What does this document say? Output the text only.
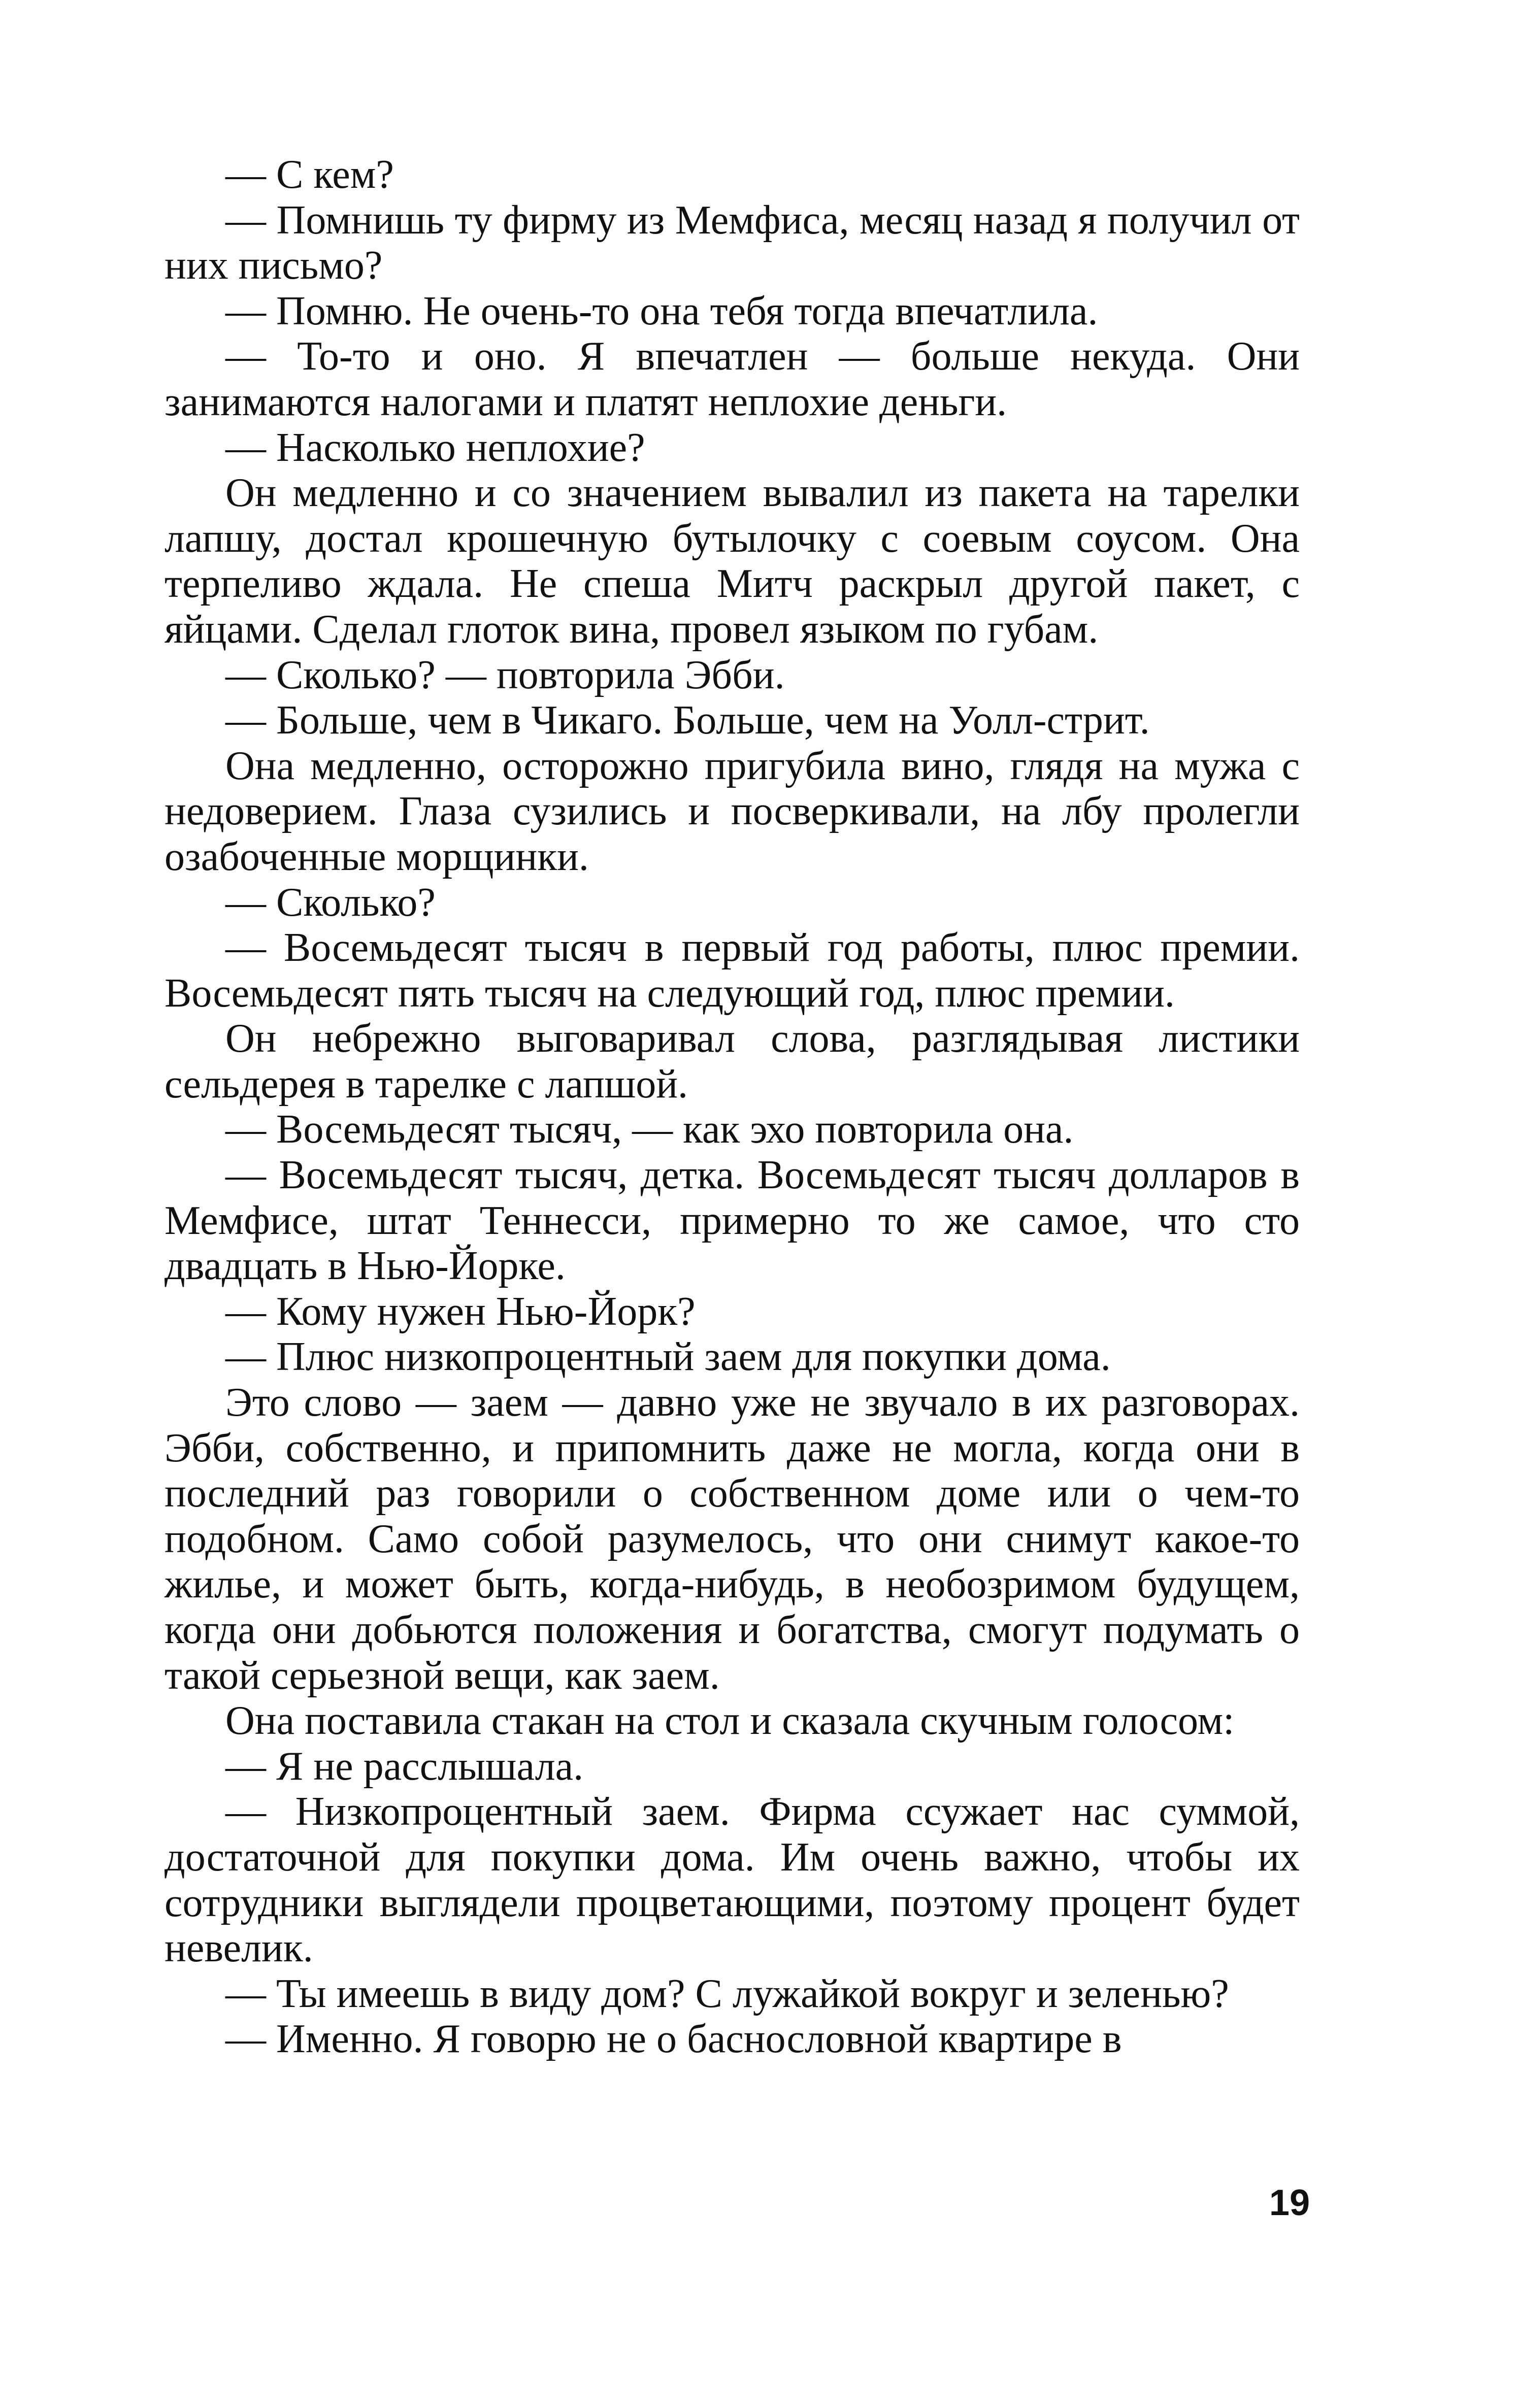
— С кем?

— Помнишь ту фирму из Мемфиса, месяц назад я получил от них письмо?

— Помню. Не очень-то она тебя тогда впечатлила.

— То-то и оно. Я впечатлен — больше некуда. Они занимаются налогами и платят неплохие деньги.

— Насколько неплохие?

Он медленно и со значением вывалил из пакета на тарелки лапшу, достал крошечную бутылочку с соевым соусом. Она терпеливо ждала. Не спеша Митч раскрыл другой пакет, с яйцами. Сделал глоток вина, провел языком по губам.

— Сколько? — повторила Эбби.

— Больше, чем в Чикаго. Больше, чем на Уолл-стрит.

Она медленно, осторожно пригубила вино, глядя на мужа с недоверием. Глаза сузились и посверкивали, на лбу пролегли озабоченные морщинки.

— Сколько?

— Восемьдесят тысяч в первый год работы, плюс премии. Восемьдесят пять тысяч на следующий год, плюс премии.

Он небрежно выговаривал слова, разглядывая листики сельдерея в тарелке с лапшой.

— Восемьдесят тысяч, — как эхо повторила она.

— Восемьдесят тысяч, детка. Восемьдесят тысяч долларов в Мемфисе, штат Теннесси, примерно то же самое, что сто двадцать в Нью-Йорке.

— Кому нужен Нью-Йорк?

— Плюс низкопроцентный заем для покупки дома.

Это слово — заем — давно уже не звучало в их разговорах. Эбби, собственно, и припомнить даже не могла, когда они в последний раз говорили о собственном доме или о чем-то подобном. Само собой разумелось, что они снимут какое-то жилье, и может быть, когда-нибудь, в необозримом будущем, когда они добьются положения и богатства, смогут подумать о такой серьезной вещи, как заем.

Она поставила стакан на стол и сказала скучным голосом:

— Я не расслышала.

— Низкопроцентный заем. Фирма ссужает нас суммой, достаточной для покупки дома. Им очень важно, чтобы их сотрудники выглядели процветающими, поэтому процент будет невелик.

— Ты имеешь в виду дом? С лужайкой вокруг и зеленью?

— Именно. Я говорю не о баснословной квартире в

19
